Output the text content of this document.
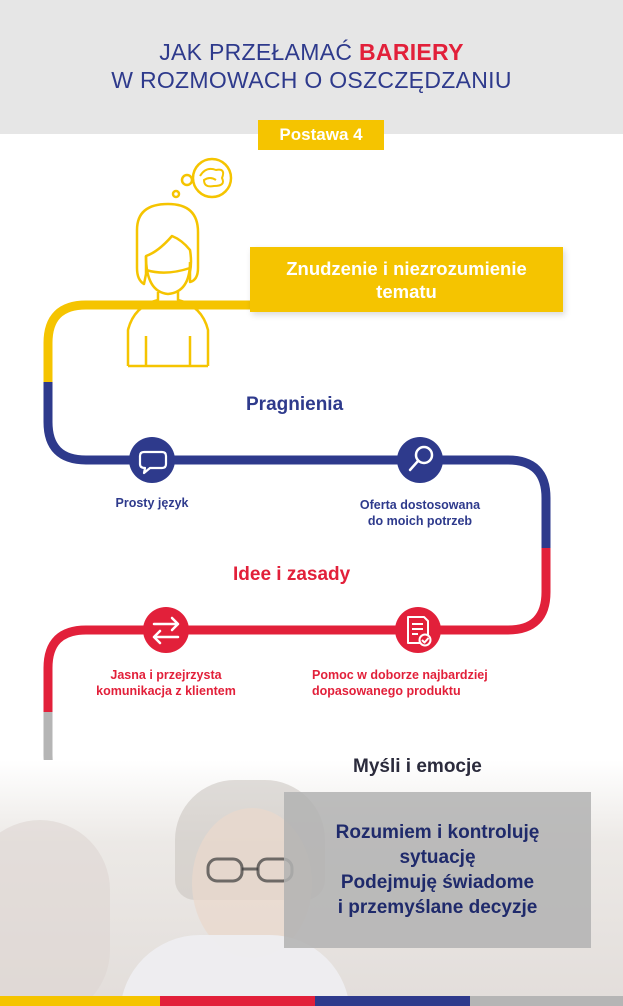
JAK PRZEŁAMAĆ BARIERY
W ROZMOWACH O OSZCZĘDZANIU
Postawa 4
Znudzenie i niezrozumienie
tematu
Pragnienia
Prosty język	Oferta dostosowana
do moich potrzeb
Idee i zasady
Jasna i przejrzysta
komunikacja z klientem
Pomoc w doborze najbardziej
dopasowanego produktu
Myśli i emocje
Rozumiem i kontroluję
sytuację
Podejmuję świadome
i przemyślane decyzje
